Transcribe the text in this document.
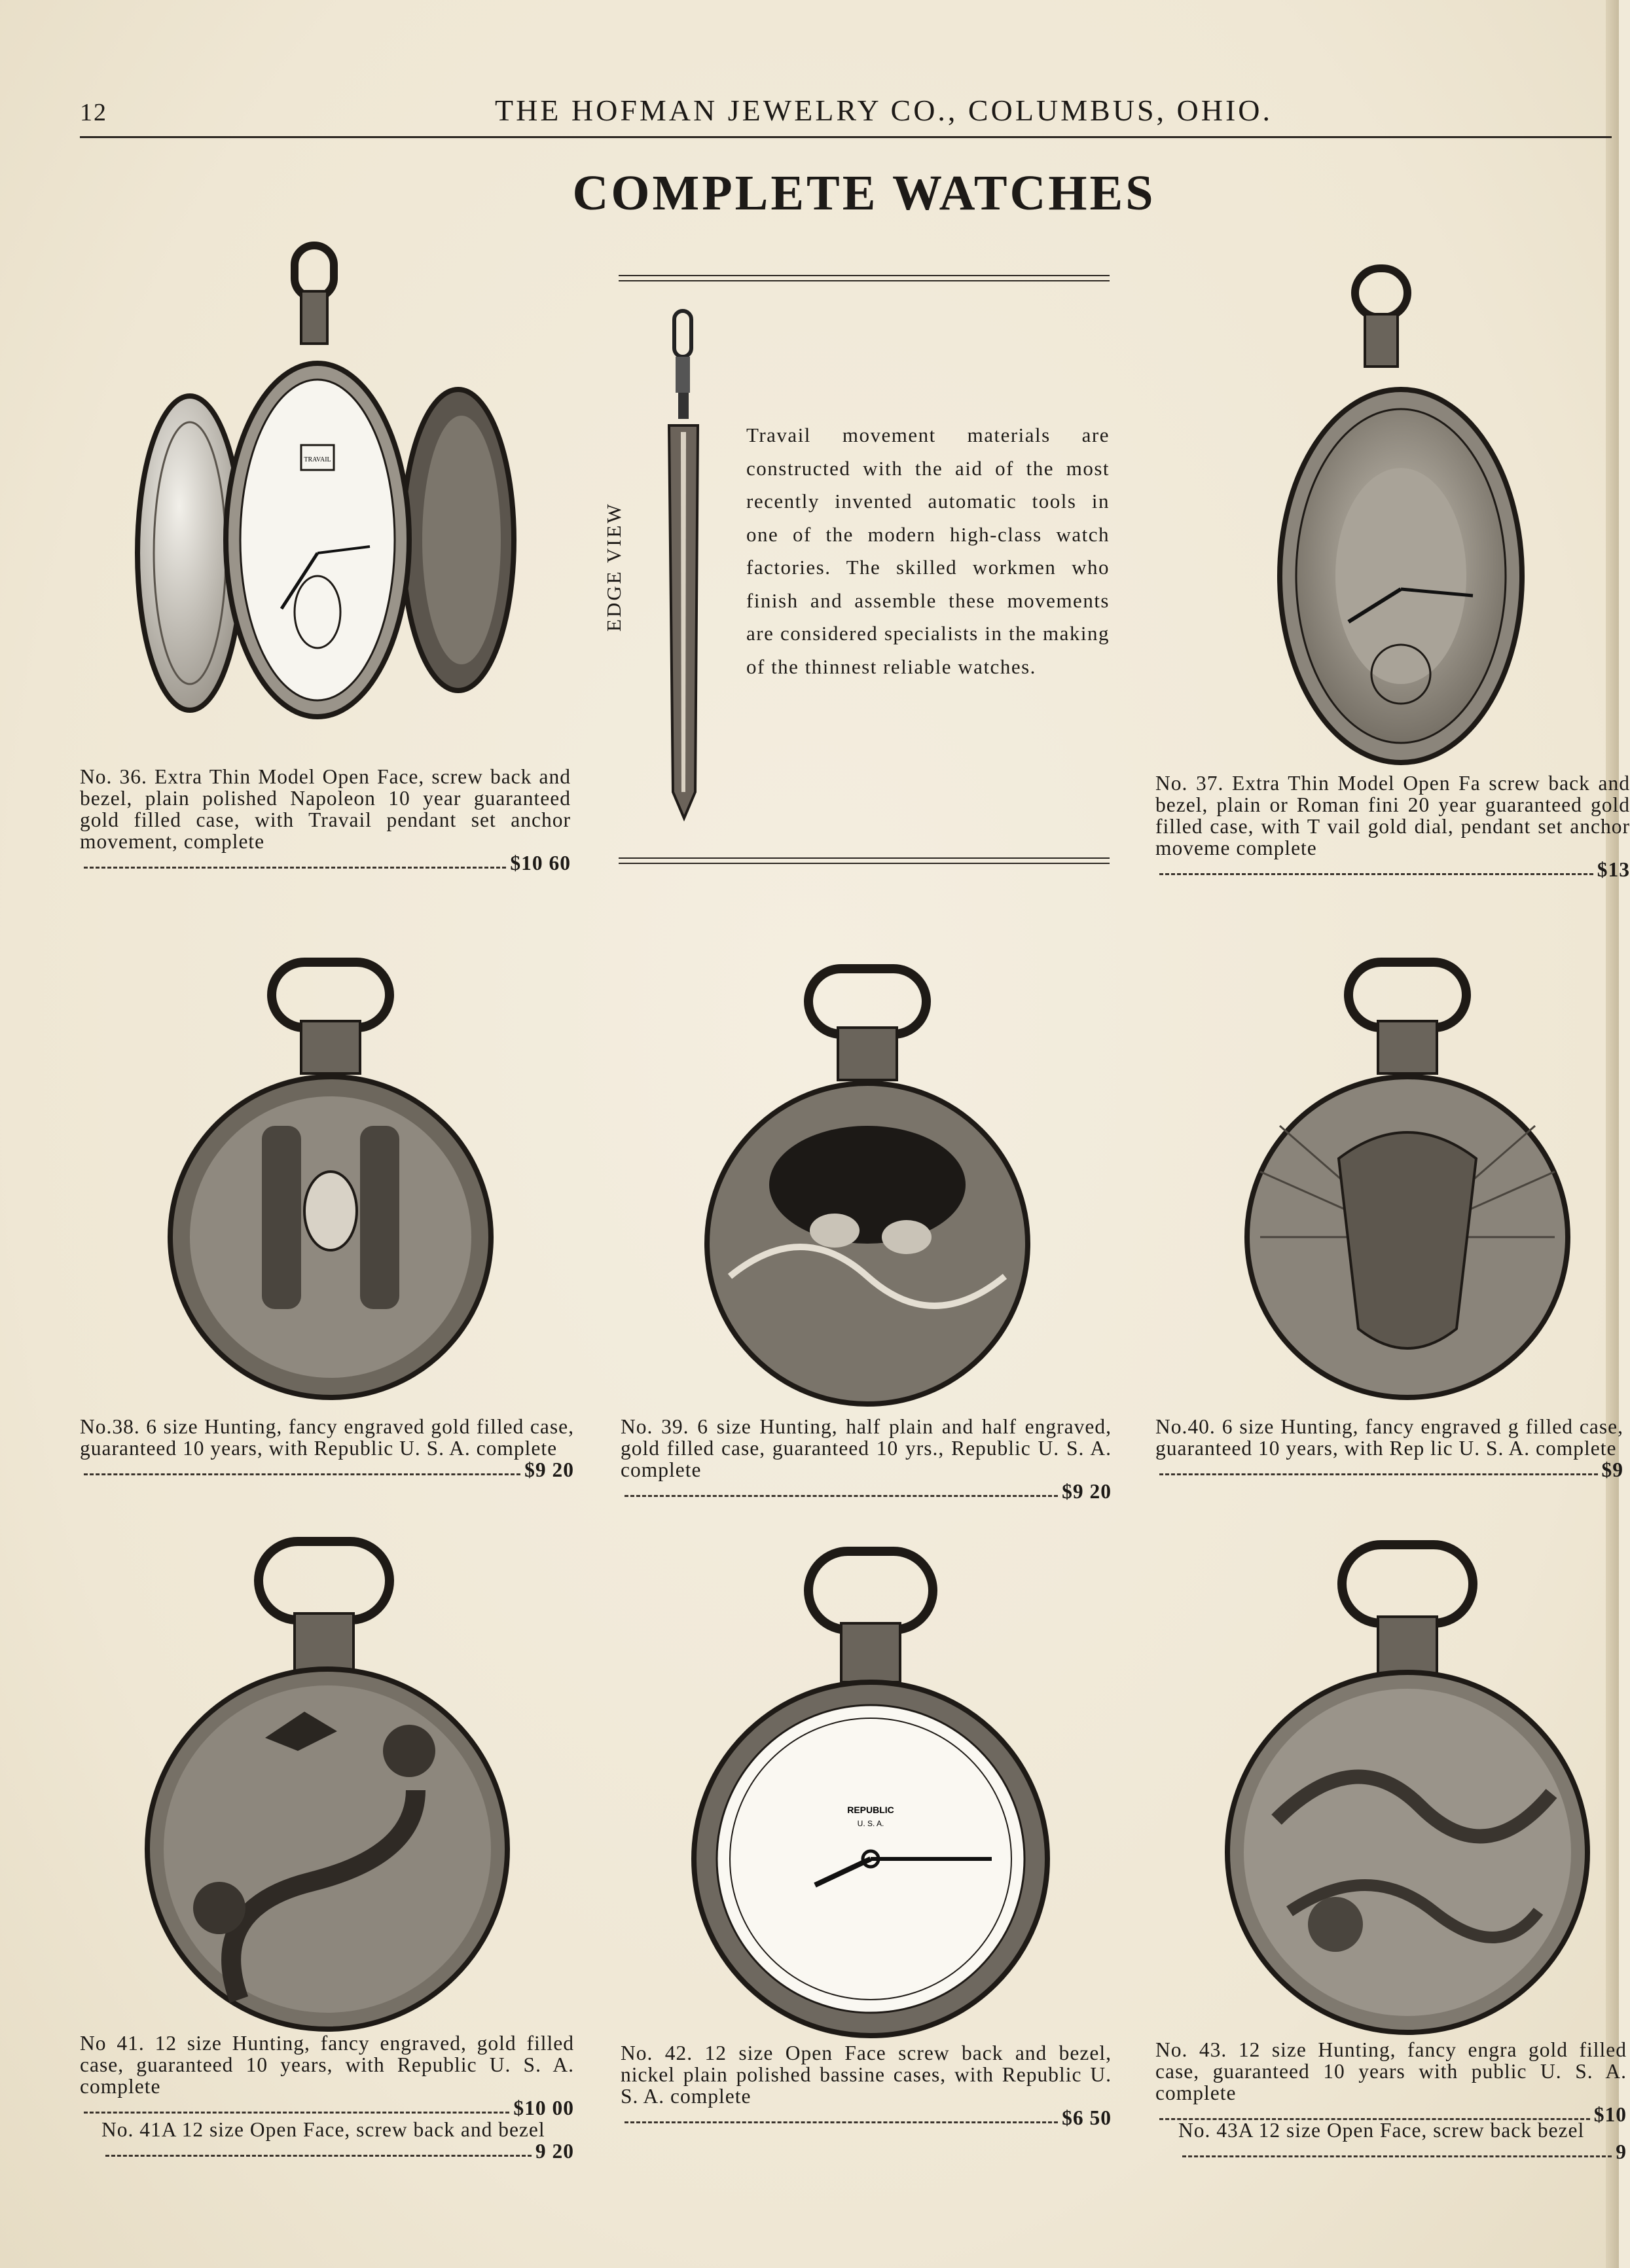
12	THE HOFMAN JEWELRY CO., COLUMBUS, OHIO.
COMPLETE WATCHES
EDGE VIEW
Travail movement materials are constructed with the aid of the most recently invented automatic tools in one of the modern high-class watch factories. The skilled workmen who finish and assemble these movements are considered specialists in the making of the thinnest reliable watches.
TRAVAIL
No. 36. Extra Thin Model Open Face, screw back and bezel, plain polished Napoleon 10 year guaranteed gold filled case, with Travail pendant set anchor movement, complete
$10 60
No. 37. Extra Thin Model Open Fa screw back and bezel, plain or Roman fini 20 year guaranteed gold filled case, with T vail gold dial, pendant set anchor moveme complete
$13
No.38. 6 size Hunting, fancy engraved gold filled case, guaranteed 10 years, with Republic U. S. A. complete
$9 20
No. 39. 6 size Hunting, half plain and half engraved, gold filled case, guaranteed 10 yrs., Republic U. S. A. complete
$9 20
No.40. 6 size Hunting, fancy engraved g filled case, guaranteed 10 years, with Rep lic U. S. A. complete
$9
No 41. 12 size Hunting, fancy engraved, gold filled case, guaranteed 10 years, with Republic U. S. A. complete
$10 00
No. 41A 12 size Open Face, screw back and bezel
9 20
REPUBLIC
U. S. A.
No. 42. 12 size Open Face screw back and bezel, nickel plain polished bassine cases, with Republic U. S. A. complete
$6 50
No. 43. 12 size Hunting, fancy engra gold filled case, guaranteed 10 years with public U. S. A. complete
$10
No. 43A 12 size Open Face, screw back bezel
9
